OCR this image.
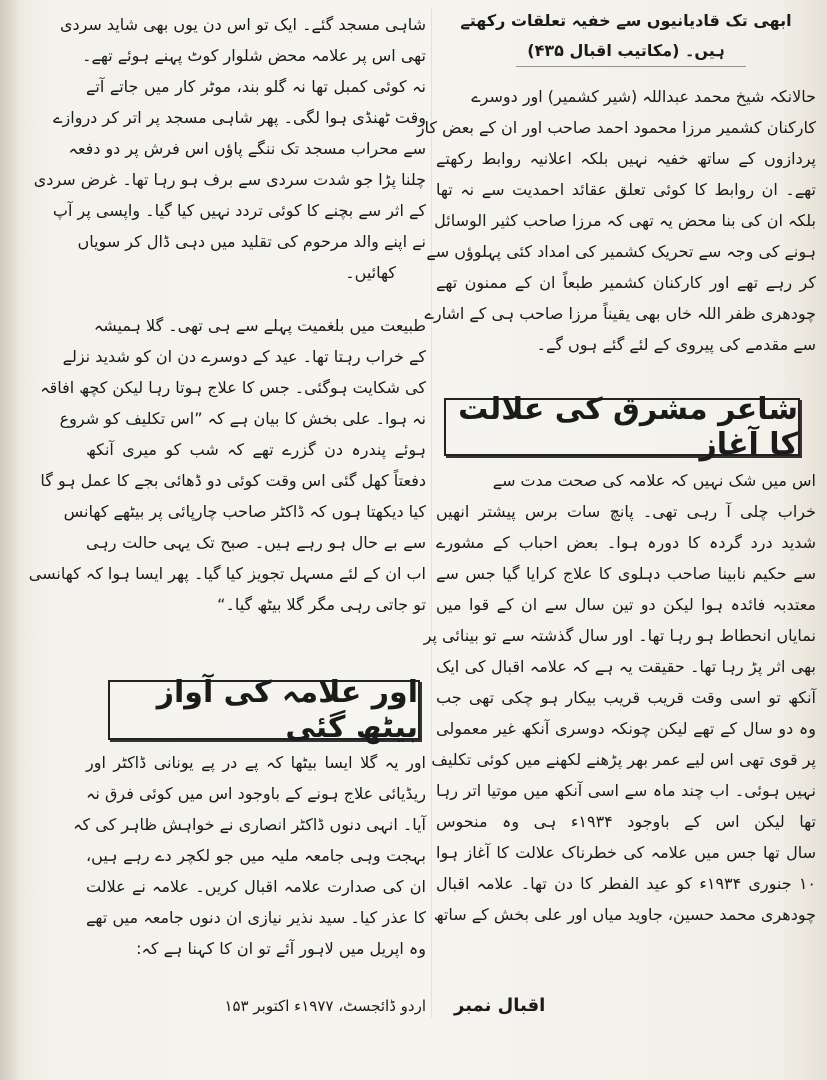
ابھی تک قادیانیوں سے خفیہ تعلقات رکھتے
ہیں۔ (مکاتیب اقبال ۴۳۵)
حالانکہ شیخ محمد عبداللہ (شیر کشمیر) اور دوسرے
کارکنان کشمیر مرزا محمود احمد صاحب اور ان کے بعض کار
پردازوں کے ساتھ خفیہ نہیں بلکہ اعلانیہ روابط رکھتے
تھے۔ ان روابط کا کوئی تعلق عقائد احمدیت سے نہ تھا
بلکہ ان کی بنا محض یہ تھی کہ مرزا صاحب کثیر الوسائل
ہونے کی وجہ سے تحریک کشمیر کی امداد کئی پہلوؤں سے
کر رہے تھے اور کارکنان کشمیر طبعاً ان کے ممنون تھے
چودھری ظفر اللہ خاں بھی یقیناً مرزا صاحب ہی کے اشارے
سے مقدمے کی پیروی کے لئے گئے ہوں گے۔
شاعر مشرق کی علالت کا آغاز
اس میں شک نہیں کہ علامہ کی صحت مدت سے
خراب چلی آ رہی تھی۔ پانچ سات برس پیشتر انھیں
شدید درد گردہ کا دورہ ہوا۔ بعض احباب کے مشورے
سے حکیم نابینا صاحب دہلوی کا علاج کرایا گیا جس سے
معتدبہ فائدہ ہوا لیکن دو تین سال سے ان کے قوا میں
نمایاں انحطاط ہو رہا تھا۔ اور سال گذشتہ سے تو بینائی پر
بھی اثر پڑ رہا تھا۔ حقیقت یہ ہے کہ علامہ اقبال کی ایک
آنکھ تو اسی وقت قریب قریب بیکار ہو چکی تھی جب
وہ دو سال کے تھے لیکن چونکہ دوسری آنکھ غیر معمولی
پر قوی تھی اس لیے عمر بھر پڑھنے لکھنے میں کوئی تکلیف
نہیں ہوئی۔ اب چند ماہ سے اسی آنکھ میں موتیا اتر رہا
تھا لیکن اس کے باوجود ۱۹۳۴ء ہی وہ منحوس
سال تھا جس میں علامہ کی خطرناک علالت کا آغاز ہوا
۱۰ جنوری ۱۹۳۴ء کو عید الفطر کا دن تھا۔ علامہ اقبال
چودھری محمد حسین، جاوید میاں اور علی بخش کے ساتھ
اقبال نمبر
شاہی مسجد گئے۔ ایک تو اس دن یوں بھی شاید سردی
تھی اس پر علامہ محض شلوار کوٹ پہنے ہوئے تھے۔
نہ کوئی کمبل تھا نہ گلو بند، موٹر کار میں جاتے آتے
وقت ٹھنڈی ہوا لگی۔ پھر شاہی مسجد پر اتر کر دروازے
سے محراب مسجد تک ننگے پاؤں اس فرش پر دو دفعہ
چلنا پڑا جو شدت سردی سے برف ہو رہا تھا۔ غرض سردی
کے اثر سے بچنے کا کوئی تردد نہیں کیا گیا۔ واپسی پر آپ
نے اپنے والد مرحوم کی تقلید میں دہی ڈال کر سویاں
کھائیں۔
طبیعت میں بلغمیت پہلے سے ہی تھی۔ گلا ہمیشہ
کے خراب رہتا تھا۔ عید کے دوسرے دن ان کو شدید نزلے
کی شکایت ہوگئی۔ جس کا علاج ہوتا رہا لیکن کچھ افاقہ
نہ ہوا۔ علی بخش کا بیان ہے کہ ”اس تکلیف کو شروع
ہوئے پندرہ دن گزرے تھے کہ شب کو میری آنکھ
دفعتاً کھل گئی اس وقت کوئی دو ڈھائی بجے کا عمل ہو گا
کیا دیکھتا ہوں کہ ڈاکٹر صاحب چارپائی پر بیٹھے کھانس
سے بے حال ہو رہے ہیں۔ صبح تک یہی حالت رہی
اب ان کے لئے مسہل تجویز کیا گیا۔ پھر ایسا ہوا کہ کھانسی
تو جاتی رہی مگر گلا بیٹھ گیا۔“
اور علامہ کی آواز بیٹھ گئی
اور یہ گلا ایسا بیٹھا کہ پے در پے یونانی ڈاکٹر اور
ریڈیائی علاج ہونے کے باوجود اس میں کوئی فرق نہ
آیا۔ انہی دنوں ڈاکٹر انصاری نے خواہش ظاہر کی کہ
بہجت وہی جامعہ ملیہ میں جو لکچر دے رہے ہیں،
ان کی صدارت علامہ اقبال کریں۔ علامہ نے علالت
کا عذر کیا۔ سید نذیر نیازی ان دنوں جامعہ میں تھے
وہ اپریل میں لاہور آئے تو ان کا کہنا ہے کہ:
اردو ڈائجسٹ، ۱۹۷۷ء اکتوبر ۱۵۳
